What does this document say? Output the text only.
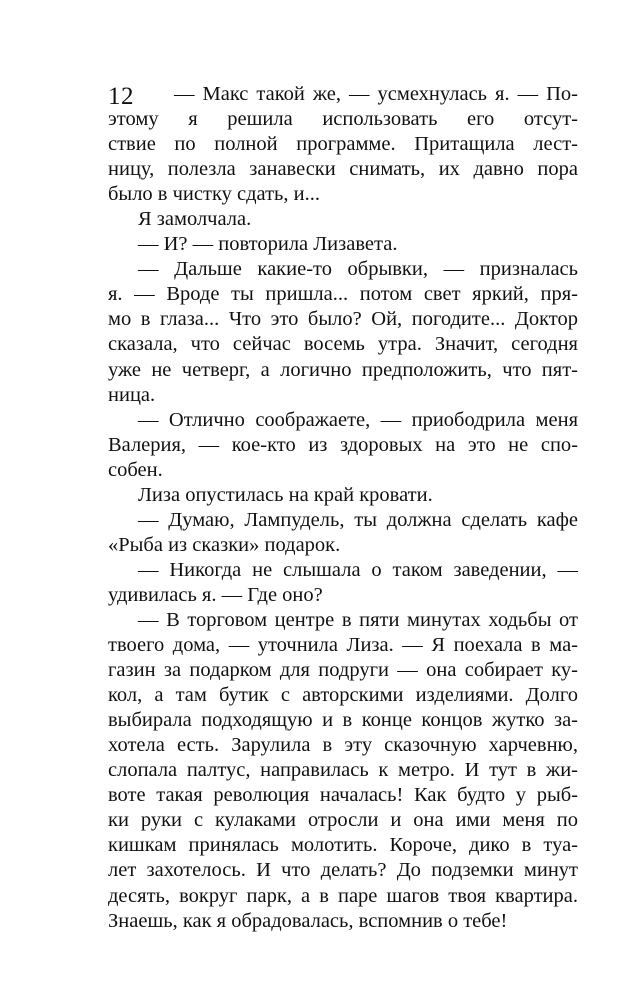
12	— Макс такой же, — усмехнулась я. — По-
этому я решила использовать его отсут-
ствие по полной программе. Притащила лест-
ницу, полезла занавески снимать, их давно пора
было в чистку сдать, и...
Я замолчала.
— И? — повторила Лизавета.
— Дальше какие-то обрывки, — призналась
я. — Вроде ты пришла... потом свет яркий, пря-
мо в глаза... Что это было? Ой, погодите... Доктор
сказала, что сейчас восемь утра. Значит, сегодня
уже не четверг, а логично предположить, что пят-
ница.
— Отлично соображаете, — приободрила меня
Валерия, — кое-кто из здоровых на это не спо-
собен.
Лиза опустилась на край кровати.
— Думаю, Лампудель, ты должна сделать кафе
«Рыба из сказки» подарок.
— Никогда не слышала о таком заведении, —
удивилась я. — Где оно?
— В торговом центре в пяти минутах ходьбы от
твоего дома, — уточнила Лиза. — Я поехала в ма-
газин за подарком для подруги — она собирает ку-
кол, а там бутик с авторскими изделиями. Долго
выбирала подходящую и в конце концов жутко за-
хотела есть. Зарулила в эту сказочную харчевню,
слопала палтус, направилась к метро. И тут в жи-
воте такая революция началась! Как будто у рыб-
ки руки с кулаками отросли и она ими меня по
кишкам принялась молотить. Короче, дико в туа-
лет захотелось. И что делать? До подземки минут
десять, вокруг парк, а в паре шагов твоя квартира.
Знаешь, как я обрадовалась, вспомнив о тебе!
